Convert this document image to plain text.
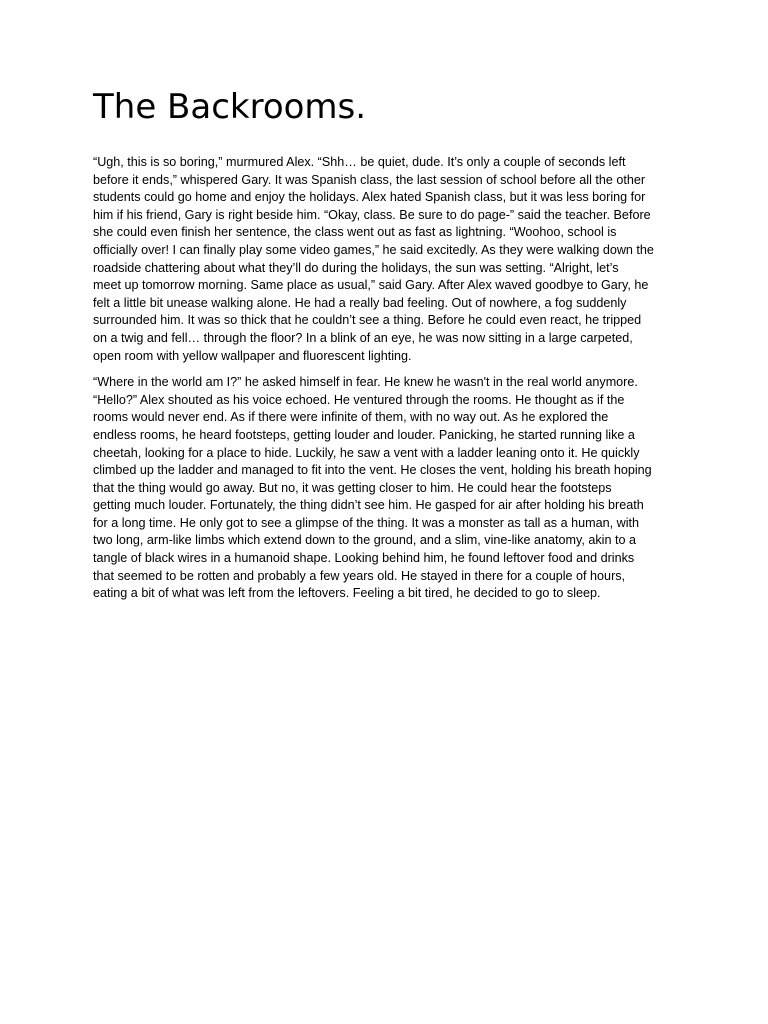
The Backrooms.

“Ugh, this is so boring,” murmured Alex. “Shh… be quiet, dude. It’s only a couple of seconds left
before it ends,” whispered Gary. It was Spanish class, the last session of school before all the other
students could go home and enjoy the holidays. Alex hated Spanish class, but it was less boring for
him if his friend, Gary is right beside him. “Okay, class. Be sure to do page-” said the teacher. Before
she could even finish her sentence, the class went out as fast as lightning. “Woohoo, school is
officially over! I can finally play some video games,” he said excitedly. As they were walking down the
roadside chattering about what they’ll do during the holidays, the sun was setting. “Alright, let’s
meet up tomorrow morning. Same place as usual,” said Gary. After Alex waved goodbye to Gary, he
felt a little bit unease walking alone. He had a really bad feeling. Out of nowhere, a fog suddenly
surrounded him. It was so thick that he couldn’t see a thing. Before he could even react, he tripped
on a twig and fell… through the floor? In a blink of an eye, he was now sitting in a large carpeted,
open room with yellow wallpaper and fluorescent lighting.

“Where in the world am I?” he asked himself in fear. He knew he wasn't in the real world anymore.
“Hello?” Alex shouted as his voice echoed. He ventured through the rooms. He thought as if the
rooms would never end. As if there were infinite of them, with no way out. As he explored the
endless rooms, he heard footsteps, getting louder and louder. Panicking, he started running like a
cheetah, looking for a place to hide. Luckily, he saw a vent with a ladder leaning onto it. He quickly
climbed up the ladder and managed to fit into the vent. He closes the vent, holding his breath hoping
that the thing would go away. But no, it was getting closer to him. He could hear the footsteps
getting much louder. Fortunately, the thing didn’t see him. He gasped for air after holding his breath
for a long time. He only got to see a glimpse of the thing. It was a monster as tall as a human, with
two long, arm-like limbs which extend down to the ground, and a slim, vine-like anatomy, akin to a
tangle of black wires in a humanoid shape. Looking behind him, he found leftover food and drinks
that seemed to be rotten and probably a few years old. He stayed in there for a couple of hours,
eating a bit of what was left from the leftovers. Feeling a bit tired, he decided to go to sleep.
